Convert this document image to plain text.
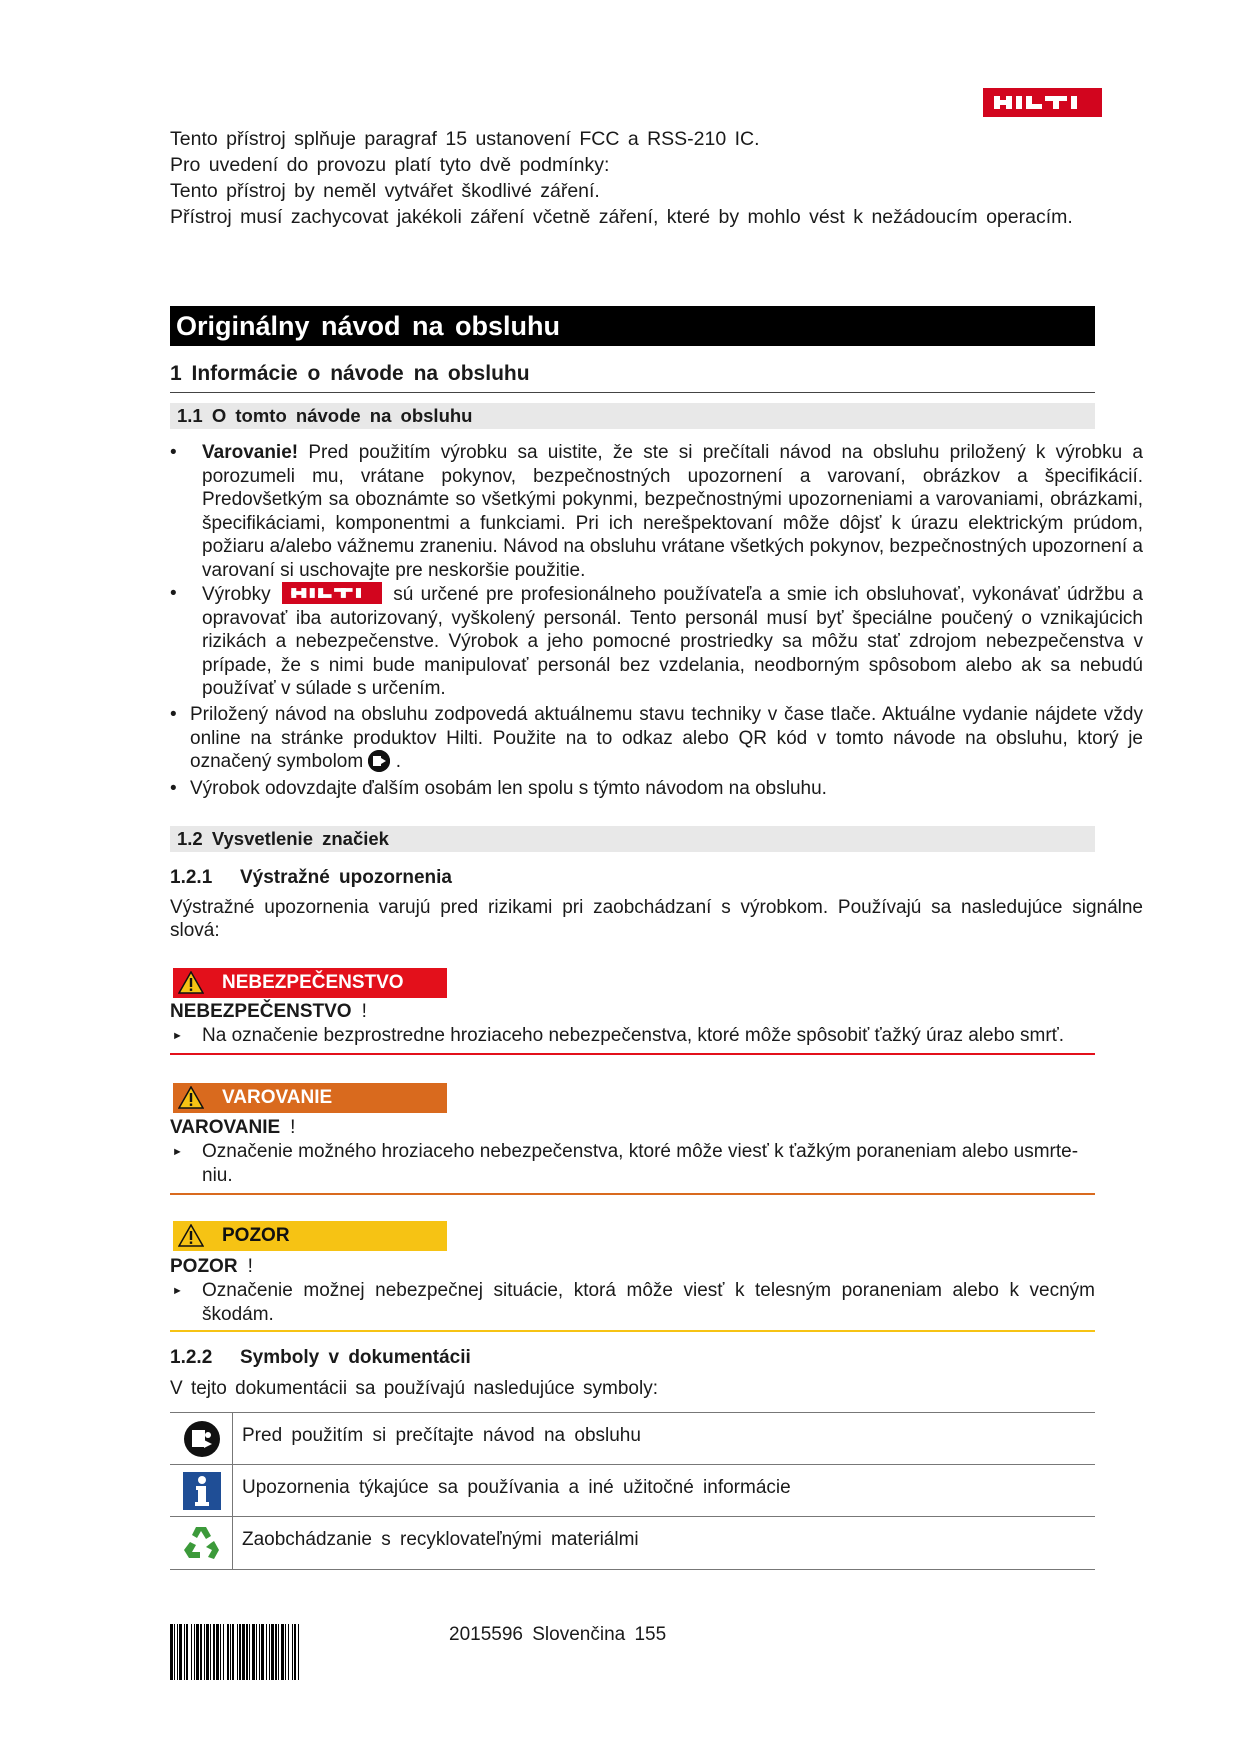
Tento přístroj splňuje paragraf 15 ustanovení FCC a RSS-210 IC.
Pro uvedení do provozu platí tyto dvě podmínky:
Tento přístroj by neměl vytvářet škodlivé záření.
Přístroj musí zachycovat jakékoli záření včetně záření, které by mohlo vést k nežádoucím operacím.
Originálny návod na obsluhu
1 Informácie o návode na obsluhu
1.1 O tomto návode na obsluhu
• Varovanie! Pred použitím výrobku sa uistite, že ste si prečítali návod na obsluhu priložený k výrobku a porozumeli mu, vrátane pokynov, bezpečnostných upozornení a varovaní, obrázkov a špecifikácií. Predovšetkým sa oboznámte so všetkými pokynmi, bezpečnostnými upozorneniami a varovaniami, obrázkami, špecifikáciami, komponentmi a funkciami. Pri ich nerešpektovaní môže dôjsť k úrazu elektrickým prúdom, požiaru a/alebo vážnemu zraneniu. Návod na obsluhu vrátane všetkých pokynov, bezpečnostných upozornení a varovaní si uschovajte pre neskoršie použitie.
• Výrobky	sú určené pre profesionálneho používateľa a smie ich obsluhovať, vykonávať údržbu a opravovať iba autorizovaný, vyškolený personál. Tento personál musí byť špeciálne poučený o vznikajúcich rizikách a nebezpečenstve. Výrobok a jeho pomocné prostriedky sa môžu stať zdrojom nebezpečenstva v prípade, že s nimi bude manipulovať personál bez vzdelania, neodborným spôsobom alebo ak sa nebudú používať v súlade s určením.
• Priložený návod na obsluhu zodpovedá aktuálnemu stavu techniky v čase tlače. Aktuálne vydanie nájdete vždy online na stránke produktov Hilti. Použite na to odkaz alebo QR kód v tomto návode na obsluhu, ktorý je označený symbolom .
• Výrobok odovzdajte ďalším osobám len spolu s týmto návodom na obsluhu.
1.2 Vysvetlenie značiek
1.2.1 Výstražné upozornenia
Výstražné upozornenia varujú pred rizikami pri zaobchádzaní s výrobkom. Používajú sa nasledujúce signálne slová:
NEBEZPEČENSTVO
NEBEZPEČENSTVO !
► Na označenie bezprostredne hroziaceho nebezpečenstva, ktoré môže spôsobiť ťažký úraz alebo smrť.
VAROVANIE
VAROVANIE !
► Označenie možného hroziaceho nebezpečenstva, ktoré môže viesť k ťažkým poraneniam alebo usmrte-niu.
POZOR
POZOR !
► Označenie možnej nebezpečnej situácie, ktorá môže viesť k telesným poraneniam alebo k vecným škodám.
1.2.2 Symboly v dokumentácii
V tejto dokumentácii sa používajú nasledujúce symboly:
Pred použitím si prečítajte návod na obsluhu
Upozornenia týkajúce sa používania a iné užitočné informácie
Zaobchádzanie s recyklovateľnými materiálmi
2015596 Slovenčina 155
